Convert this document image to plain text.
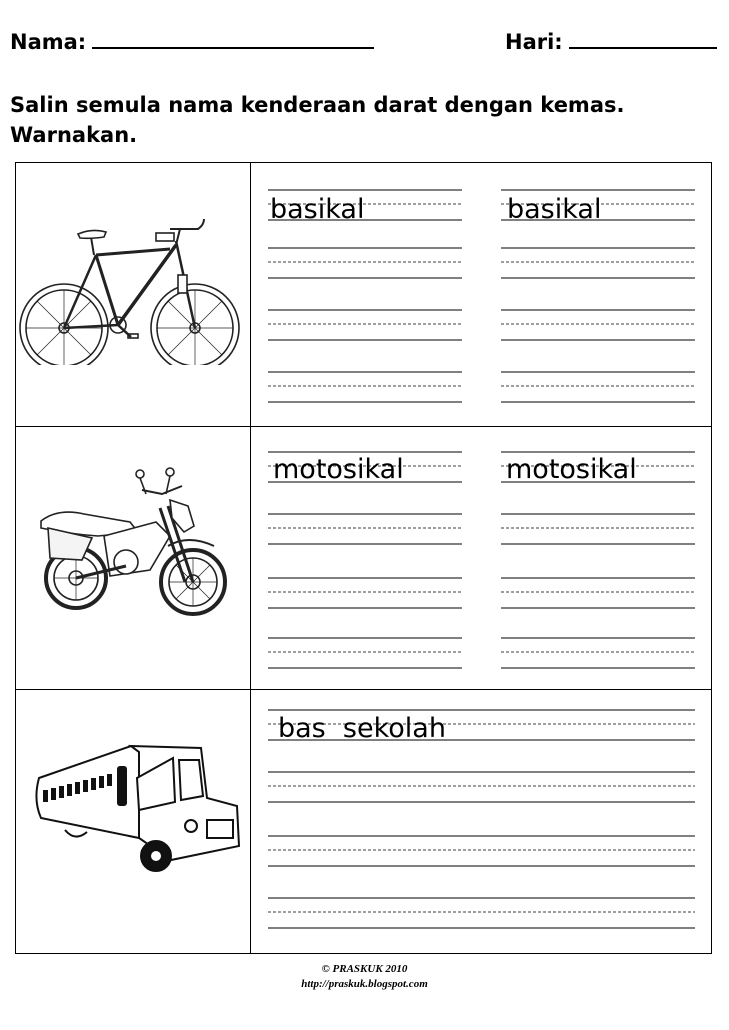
Nama:	Hari:
Salin semula nama kenderaan darat dengan kemas.
Warnakan.
basikal	basikal
motosikal	motosikal
bas  sekolah
© PRASKUK 2010
http://praskuk.blogspot.com
